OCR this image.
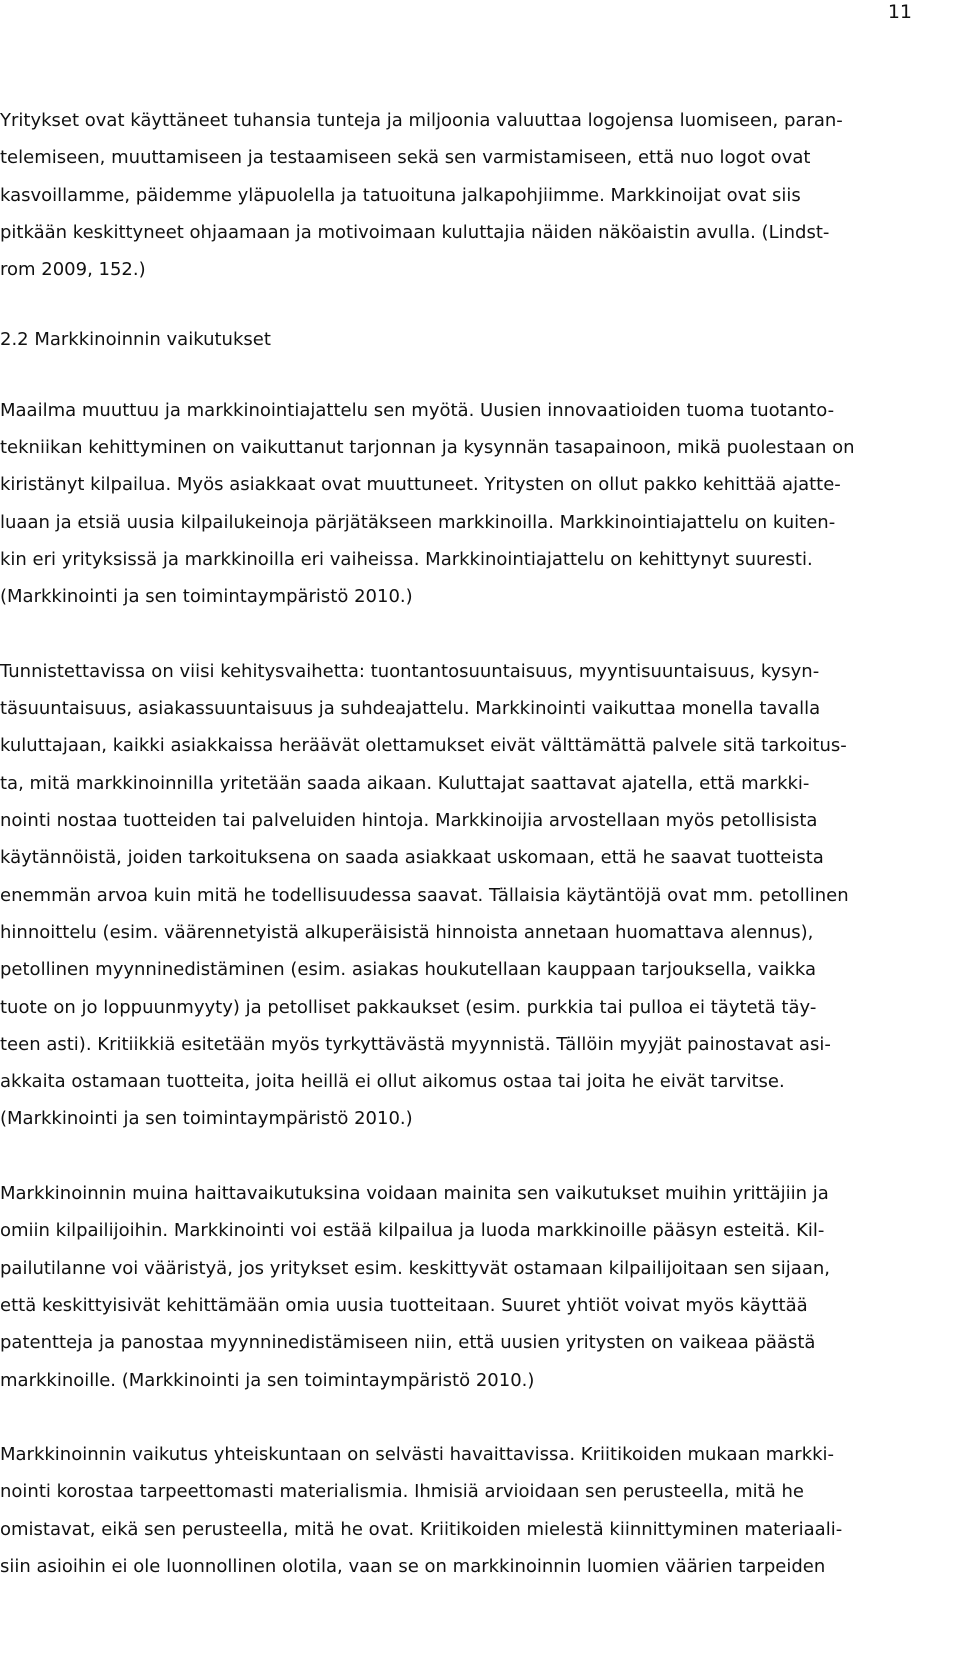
11
Yritykset ovat käyttäneet tuhansia tunteja ja miljoonia valuuttaa logojensa luomiseen, paran-
telemiseen, muuttamiseen ja testaamiseen sekä sen varmistamiseen, että nuo logot ovat
kasvoillamme, päidemme yläpuolella ja tatuoituna jalkapohjiimme. Markkinoijat ovat siis
pitkään keskittyneet ohjaamaan ja motivoimaan kuluttajia näiden näköaistin avulla. (Lindst-
rom 2009, 152.)
2.2 Markkinoinnin vaikutukset
Maailma muuttuu ja markkinointiajattelu sen myötä. Uusien innovaatioiden tuoma tuotanto-
tekniikan kehittyminen on vaikuttanut tarjonnan ja kysynnän tasapainoon, mikä puolestaan on
kiristänyt kilpailua. Myös asiakkaat ovat muuttuneet. Yritysten on ollut pakko kehittää ajatte-
luaan ja etsiä uusia kilpailukeinoja pärjätäkseen markkinoilla. Markkinointiajattelu on kuiten-
kin eri yrityksissä ja markkinoilla eri vaiheissa. Markkinointiajattelu on kehittynyt suuresti.
(Markkinointi ja sen toimintaympäristö 2010.)
Tunnistettavissa on viisi kehitysvaihetta: tuontantosuuntaisuus, myyntisuuntaisuus, kysyn-
täsuuntaisuus, asiakassuuntaisuus ja suhdeajattelu. Markkinointi vaikuttaa monella tavalla
kuluttajaan, kaikki asiakkaissa heräävät olettamukset eivät välttämättä palvele sitä tarkoitus-
ta, mitä markkinoinnilla yritetään saada aikaan. Kuluttajat saattavat ajatella, että markki-
nointi nostaa tuotteiden tai palveluiden hintoja. Markkinoijia arvostellaan myös petollisista
käytännöistä, joiden tarkoituksena on saada asiakkaat uskomaan, että he saavat tuotteista
enemmän arvoa kuin mitä he todellisuudessa saavat. Tällaisia käytäntöjä ovat mm. petollinen
hinnoittelu (esim. väärennetyistä alkuperäisistä hinnoista annetaan huomattava alennus),
petollinen myynninedistäminen (esim. asiakas houkutellaan kauppaan tarjouksella, vaikka
tuote on jo loppuunmyyty) ja petolliset pakkaukset (esim. purkkia tai pulloa ei täytetä täy-
teen asti). Kritiikkiä esitetään myös tyrkyttävästä myynnistä. Tällöin myyjät painostavat asi-
akkaita ostamaan tuotteita, joita heillä ei ollut aikomus ostaa tai joita he eivät tarvitse.
(Markkinointi ja sen toimintaympäristö 2010.)
Markkinoinnin muina haittavaikutuksina voidaan mainita sen vaikutukset muihin yrittäjiin ja
omiin kilpailijoihin. Markkinointi voi estää kilpailua ja luoda markkinoille pääsyn esteitä. Kil-
pailutilanne voi vääristyä, jos yritykset esim. keskittyvät ostamaan kilpailijoitaan sen sijaan,
että keskittyisivät kehittämään omia uusia tuotteitaan. Suuret yhtiöt voivat myös käyttää
patentteja ja panostaa myynninedistämiseen niin, että uusien yritysten on vaikeaa päästä
markkinoille. (Markkinointi ja sen toimintaympäristö 2010.)
Markkinoinnin vaikutus yhteiskuntaan on selvästi havaittavissa. Kriitikoiden mukaan markki-
nointi korostaa tarpeettomasti materialismia. Ihmisiä arvioidaan sen perusteella, mitä he
omistavat, eikä sen perusteella, mitä he ovat. Kriitikoiden mielestä kiinnittyminen materiaali-
siin asioihin ei ole luonnollinen olotila, vaan se on markkinoinnin luomien väärien tarpeiden
